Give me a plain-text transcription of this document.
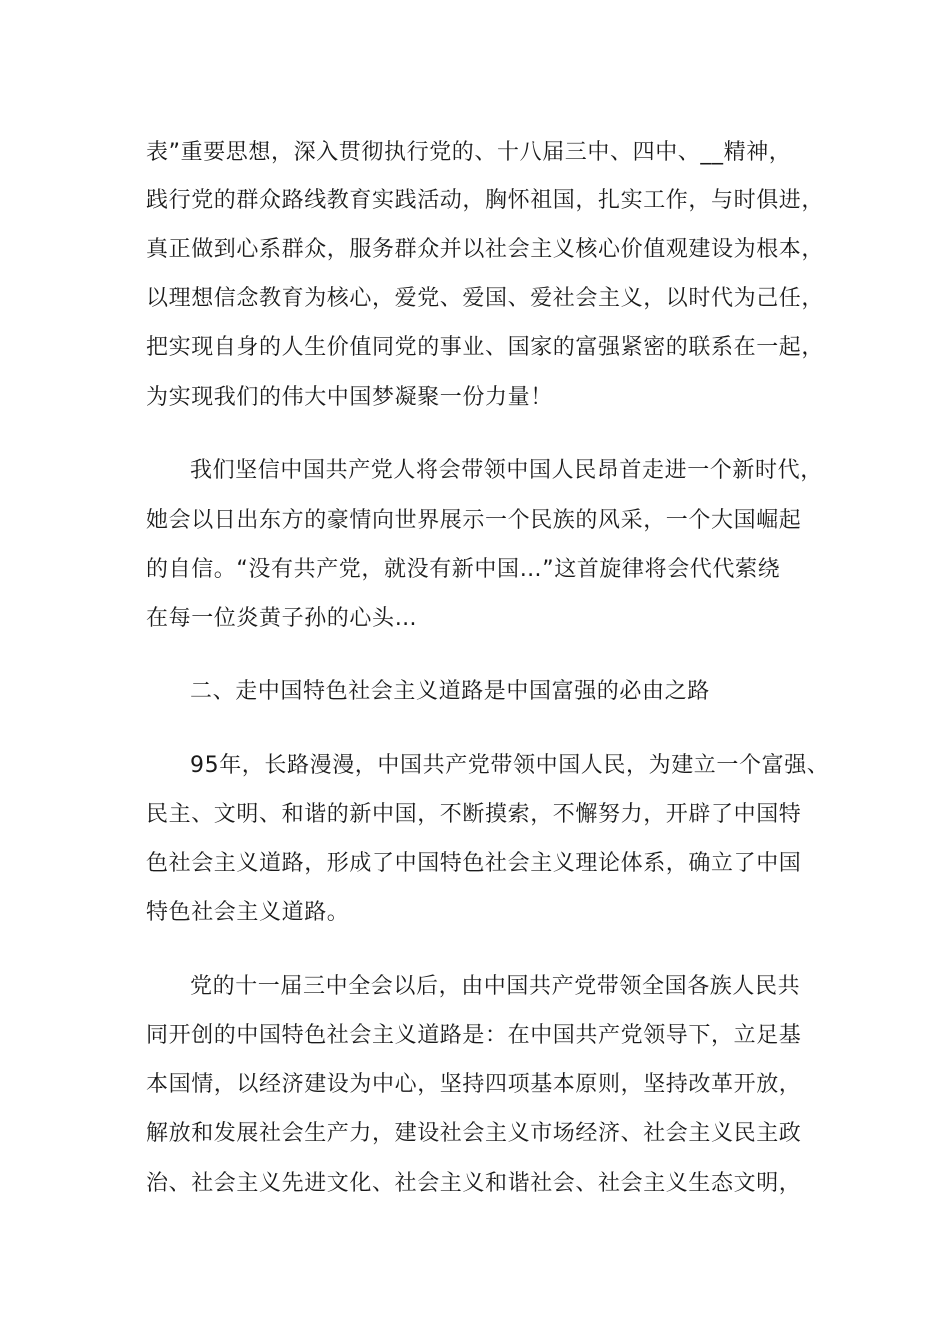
表”重要思想，深入贯彻执行党的、十八届三中、四中、__精神，
践行党的群众路线教育实践活动，胸怀祖国，扎实工作，与时俱进，
真正做到心系群众，服务群众并以社会主义核心价值观建设为根本，
以理想信念教育为核心，爱党、爱国、爱社会主义，以时代为己任，
把实现自身的人生价值同党的事业、国家的富强紧密的联系在一起，
为实现我们的伟大中国梦凝聚一份力量！
我们坚信中国共产党人将会带领中国人民昂首走进一个新时代，
她会以日出东方的豪情向世界展示一个民族的风采，一个大国崛起
的自信。“没有共产党，就没有新中国…”这首旋律将会代代萦绕
在每一位炎黄子孙的心头…
二、走中国特色社会主义道路是中国富强的必由之路
95年，长路漫漫，中国共产党带领中国人民，为建立一个富强、
民主、文明、和谐的新中国，不断摸索，不懈努力，开辟了中国特
色社会主义道路，形成了中国特色社会主义理论体系，确立了中国
特色社会主义道路。
党的十一届三中全会以后，由中国共产党带领全国各族人民共
同开创的中国特色社会主义道路是：在中国共产党领导下，立足基
本国情，以经济建设为中心，坚持四项基本原则，坚持改革开放，
解放和发展社会生产力，建设社会主义市场经济、社会主义民主政
治、社会主义先进文化、社会主义和谐社会、社会主义生态文明，
